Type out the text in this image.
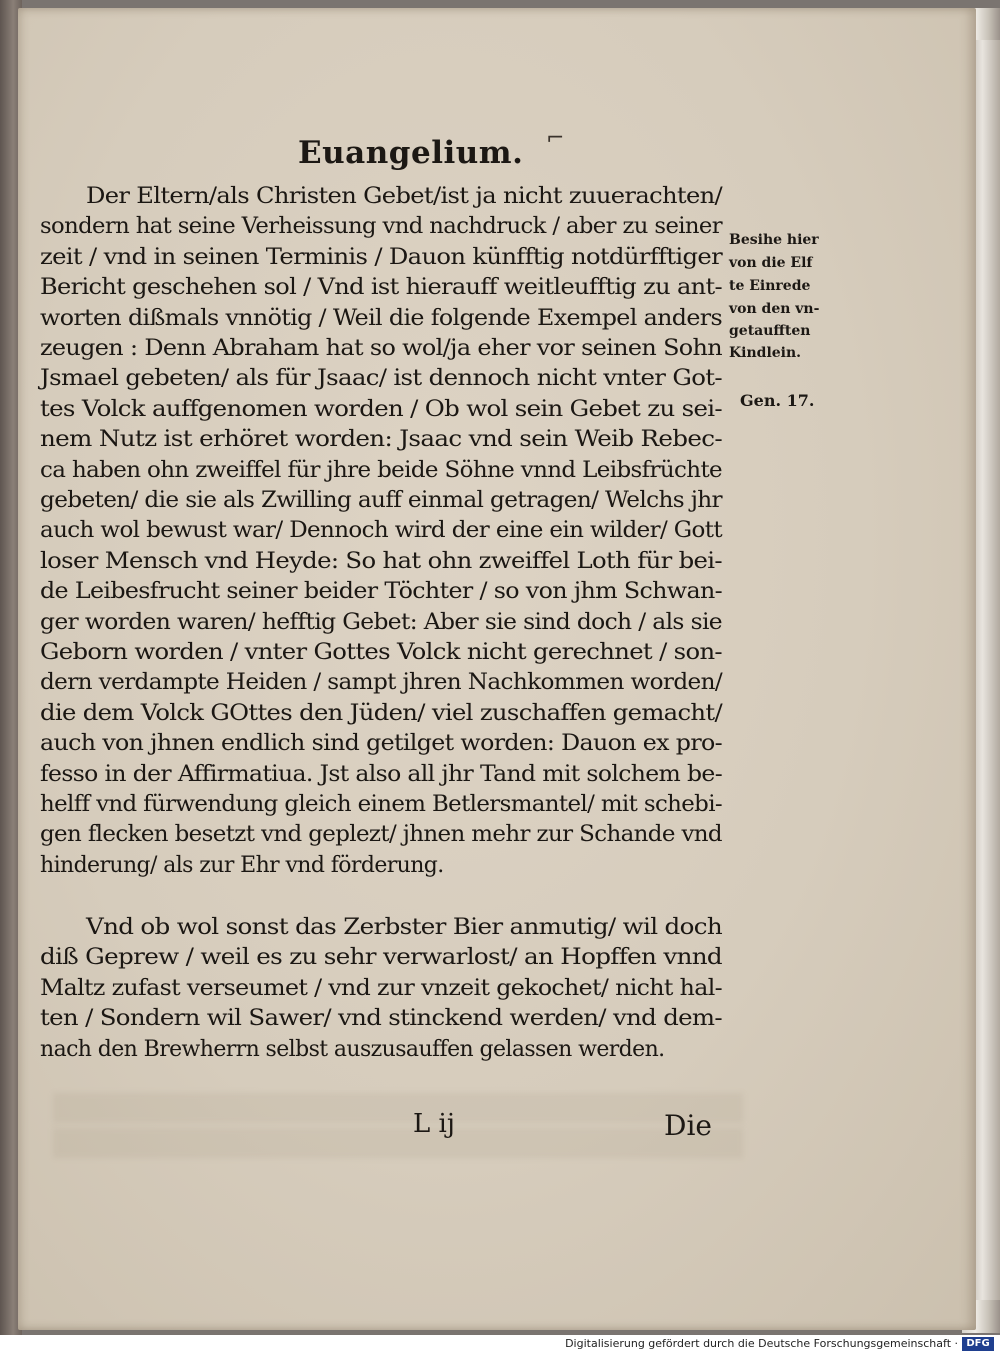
Euangelium. ⌐
Der Eltern/als Christen Gebet/ist ja nicht zuuerachten/
sondern hat seine Verheissung vnd nachdruck / aber zu seiner
zeit / vnd in seinen Terminis / Dauon künfftig notdürfftiger
Bericht geschehen sol / Vnd ist hierauff weitleufftig zu ant-
worten dißmals vnnötig / Weil die folgende Exempel anders
zeugen : Denn Abraham hat so wol/ja eher vor seinen Sohn
Jsmael gebeten/ als für Jsaac/ ist dennoch nicht vnter Got-
tes Volck auffgenomen worden / Ob wol sein Gebet zu sei-
nem Nutz ist erhöret worden: Jsaac vnd sein Weib Rebec-
ca haben ohn zweiffel für jhre beide Söhne vnnd Leibsfrüchte
gebeten/ die sie als Zwilling auff einmal getragen/ Welchs jhr
auch wol bewust war/ Dennoch wird der eine ein wilder/ Gott
loser Mensch vnd Heyde: So hat ohn zweiffel Loth für bei-
de Leibesfrucht seiner beider Töchter / so von jhm Schwan-
ger worden waren/ hefftig Gebet: Aber sie sind doch / als sie
Geborn worden / vnter Gottes Volck nicht gerechnet / son-
dern verdampte Heiden / sampt jhren Nachkommen worden/
die dem Volck GOttes den Jüden/ viel zuschaffen gemacht/
auch von jhnen endlich sind getilget worden: Dauon ex pro-
fesso in der Affirmatiua. Jst also all jhr Tand mit solchem be-
helff vnd fürwendung gleich einem Betlersmantel/ mit schebi-
gen flecken besetzt vnd geplezt/ jhnen mehr zur Schande vnd
hinderung/ als zur Ehr vnd förderung.
Vnd ob wol sonst das Zerbster Bier anmutig/ wil doch
diß Geprew / weil es zu sehr verwarlost/ an Hopffen vnnd
Maltz zufast verseumet / vnd zur vnzeit gekochet/ nicht hal-
ten / Sondern wil Sawer/ vnd stinckend werden/ vnd dem-
nach den Brewherrn selbst auszusauffen gelassen werden.
Besihe hier
von die Elf
te Einrede
von den vn-
getaufften
Kindlein.
Gen. 17.
L ij	Die
Digitalisierung gefördert durch die Deutsche Forschungsgemeinschaft · DFG
